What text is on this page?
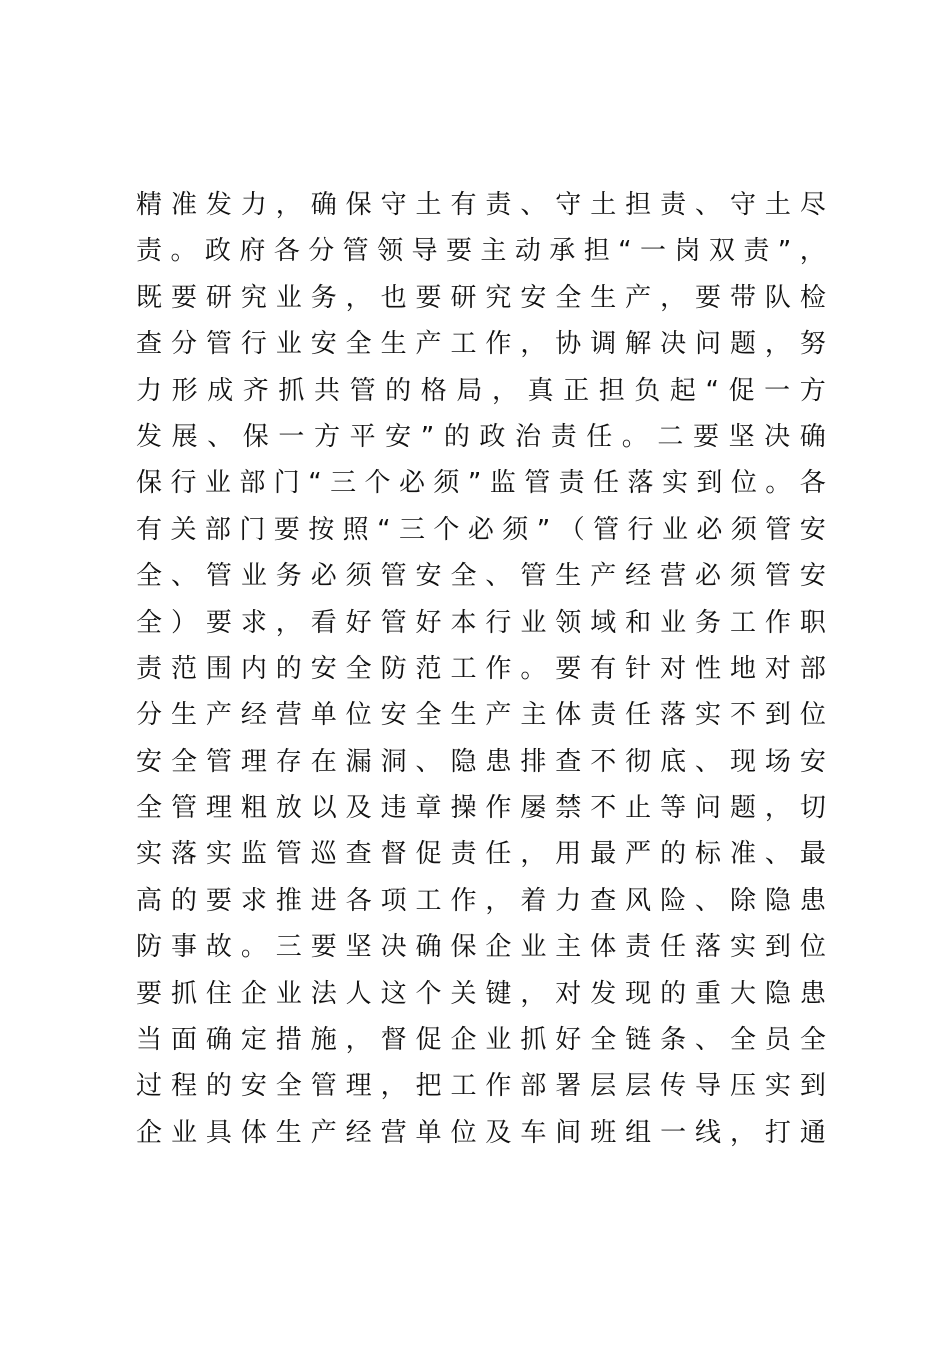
精 准 发 力 ， 确 保 守 土 有 责 、 守 土 担 责 、 守 土 尽
责 。 政 府 各 分 管 领 导 要 主 动 承 担 “ 一 岗 双 责 ” ，
既 要 研 究 业 务 ， 也 要 研 究 安 全 生 产 ， 要 带 队 检
查 分 管 行 业 安 全 生 产 工 作 ， 协 调 解 决 问 题 ， 努
力 形 成 齐 抓 共 管 的 格 局 ， 真 正 担 负 起 “ 促 一 方
发 展 、 保 一 方 平 安 ” 的 政 治 责 任 。 二 要 坚 决 确
保 行 业 部 门 “ 三 个 必 须 ” 监 管 责 任 落 实 到 位 。 各
有 关 部 门 要 按 照 “ 三 个 必 须 ” （ 管 行 业 必 须 管 安
全 、 管 业 务 必 须 管 安 全 、 管 生 产 经 营 必 须 管 安
全 ） 要 求 ， 看 好 管 好 本 行 业 领 域 和 业 务 工 作 职
责 范 围 内 的 安 全 防 范 工 作 。 要 有 针 对 性 地 对 部
分 生 产 经 营 单 位 安 全 生 产 主 体 责 任 落 实 不 到 位
安 全 管 理 存 在 漏 洞 、 隐 患 排 查 不 彻 底 、 现 场 安
全 管 理 粗 放 以 及 违 章 操 作 屡 禁 不 止 等 问 题 ， 切
实 落 实 监 管 巡 查 督 促 责 任 ， 用 最 严 的 标 准 、 最
高 的 要 求 推 进 各 项 工 作 ， 着 力 查 风 险 、 除 隐 患
防 事 故 。 三 要 坚 决 确 保 企 业 主 体 责 任 落 实 到 位
要 抓 住 企 业 法 人 这 个 关 键 ， 对 发 现 的 重 大 隐 患
当 面 确 定 措 施 ， 督 促 企 业 抓 好 全 链 条 、 全 员 全
过 程 的 安 全 管 理 ， 把 工 作 部 署 层 层 传 导 压 实 到
企 业 具 体 生 产 经 营 单 位 及 车 间 班 组 一 线 ， 打 通
